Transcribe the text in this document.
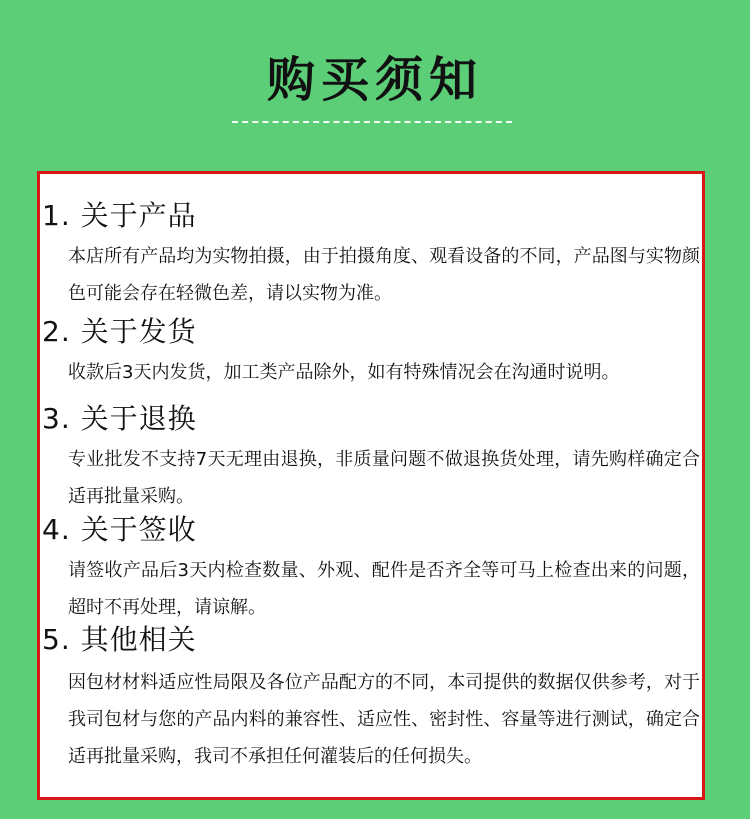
购买须知
1. 关于产品
本店所有产品均为实物拍摄，由于拍摄角度、观看设备的不同，产品图与实物颜色可能会存在轻微色差，请以实物为准。
2. 关于发货
收款后3天内发货，加工类产品除外，如有特殊情况会在沟通时说明。
3. 关于退换
专业批发不支持7天无理由退换，非质量问题不做退换货处理，请先购样确定合适再批量采购。
4. 关于签收
请签收产品后3天内检查数量、外观、配件是否齐全等可马上检查出来的问题，超时不再处理，请谅解。
5. 其他相关
因包材材料适应性局限及各位产品配方的不同，本司提供的数据仅供参考，对于我司包材与您的产品内料的兼容性、适应性、密封性、容量等进行测试，确定合适再批量采购，我司不承担任何灌装后的任何损失。
